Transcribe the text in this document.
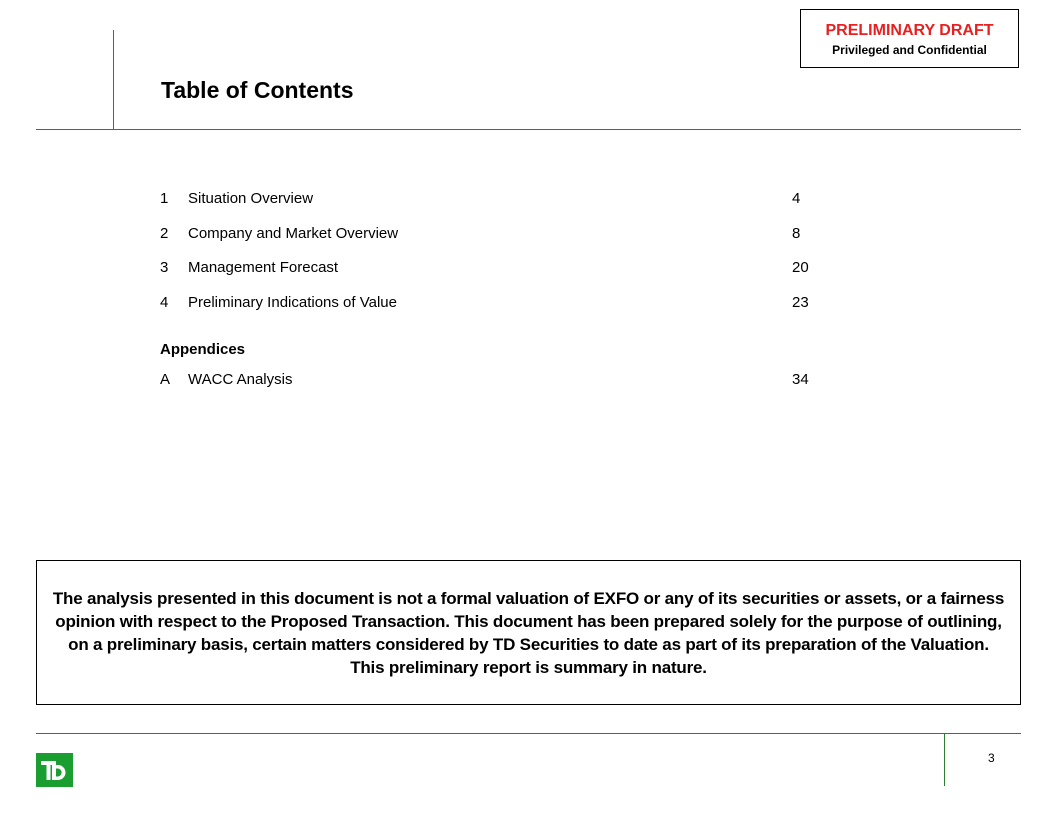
Table of Contents
PRELIMINARY DRAFT
Privileged and Confidential
1 Situation Overview	4
2 Company and Market Overview	8
3 Management Forecast	20
4 Preliminary Indications of Value	23
Appendices
A WACC Analysis	34
The analysis presented in this document is not a formal valuation of EXFO or any of its securities or assets, or a fairness opinion with respect to the Proposed Transaction. This document has been prepared solely for the purpose of outlining, on a preliminary basis, certain matters considered by TD Securities to date as part of its preparation of the Valuation. This preliminary report is summary in nature.
3
